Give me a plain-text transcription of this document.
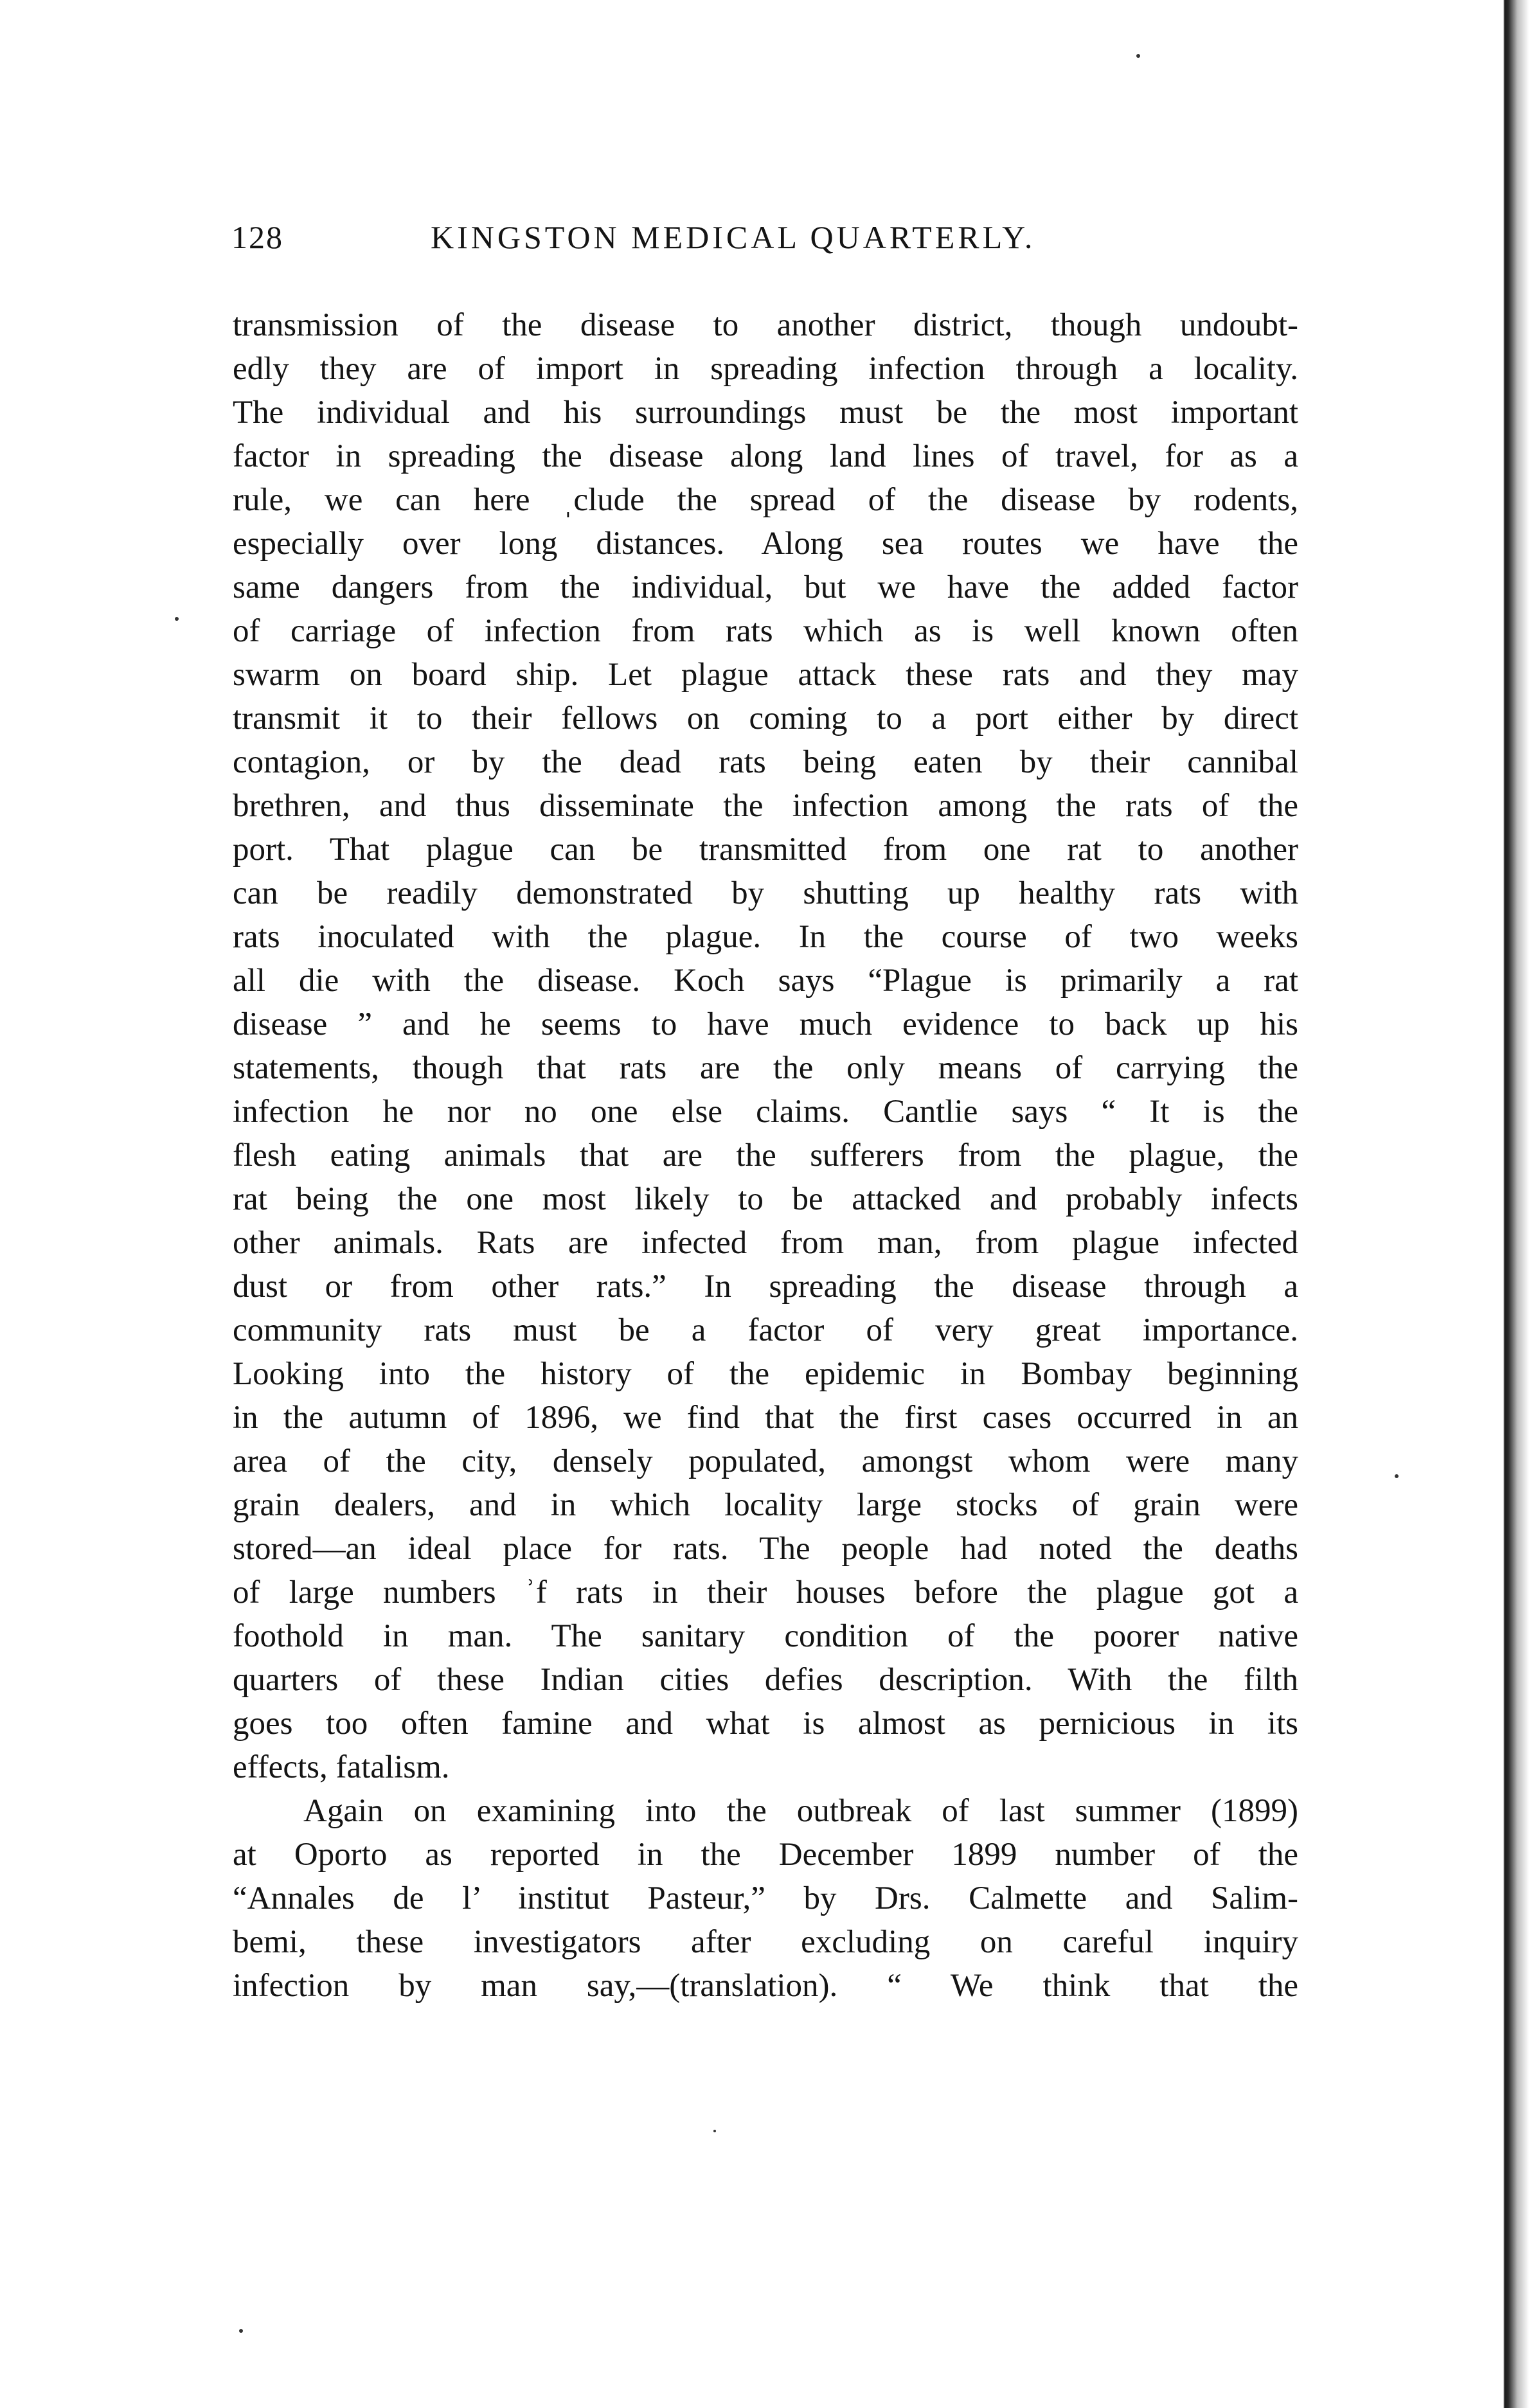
128	KINGSTON MEDICAL QUARTERLY.
transmission of the disease to another district, though undoubt-
edly they are of import in spreading infection through a locality.
The individual and his surroundings must be the most important
factor in spreading the disease along land lines of travel, for as a
rule, we can here ˌclude the spread of the disease by rodents,
especially over long distances. Along sea routes we have the
same dangers from the individual, but we have the added factor
of carriage of infection from rats which as is well known often
swarm on board ship. Let plague attack these rats and they may
transmit it to their fellows on coming to a port either by direct
contagion, or by the dead rats being eaten by their cannibal
brethren, and thus disseminate the infection among the rats of the
port. That plague can be transmitted from one rat to another
can be readily demonstrated by shutting up healthy rats with
rats inoculated with the plague. In the course of two weeks
all die with the disease. Koch says “Plague is primarily a rat
disease ” and he seems to have much evidence to back up his
statements, though that rats are the only means of carrying the
infection he nor no one else claims. Cantlie says “ It is the
flesh eating animals that are the sufferers from the plague, the
rat being the one most likely to be attacked and probably infects
other animals. Rats are infected from man, from plague infected
dust or from other rats.” In spreading the disease through a
community rats must be a factor of very great importance.
Looking into the history of the epidemic in Bombay beginning
in the autumn of 1896, we find that the first cases occurred in an
area of the city, densely populated, amongst whom were many
grain dealers, and in which locality large stocks of grain were
stored—an ideal place for rats. The people had noted the deaths
of large numbers ʾf rats in their houses before the plague got a
foothold in man. The sanitary condition of the poorer native
quarters of these Indian cities defies description. With the filth
goes too often famine and what is almost as pernicious in its
effects, fatalism.
Again on examining into the outbreak of last summer (1899)
at Oporto as reported in the December 1899 number of the
“Annales de l’ institut Pasteur,” by Drs. Calmette and Salim-
bemi, these investigators after excluding on careful inquiry
infection by man say,—(translation). “ We think that the
